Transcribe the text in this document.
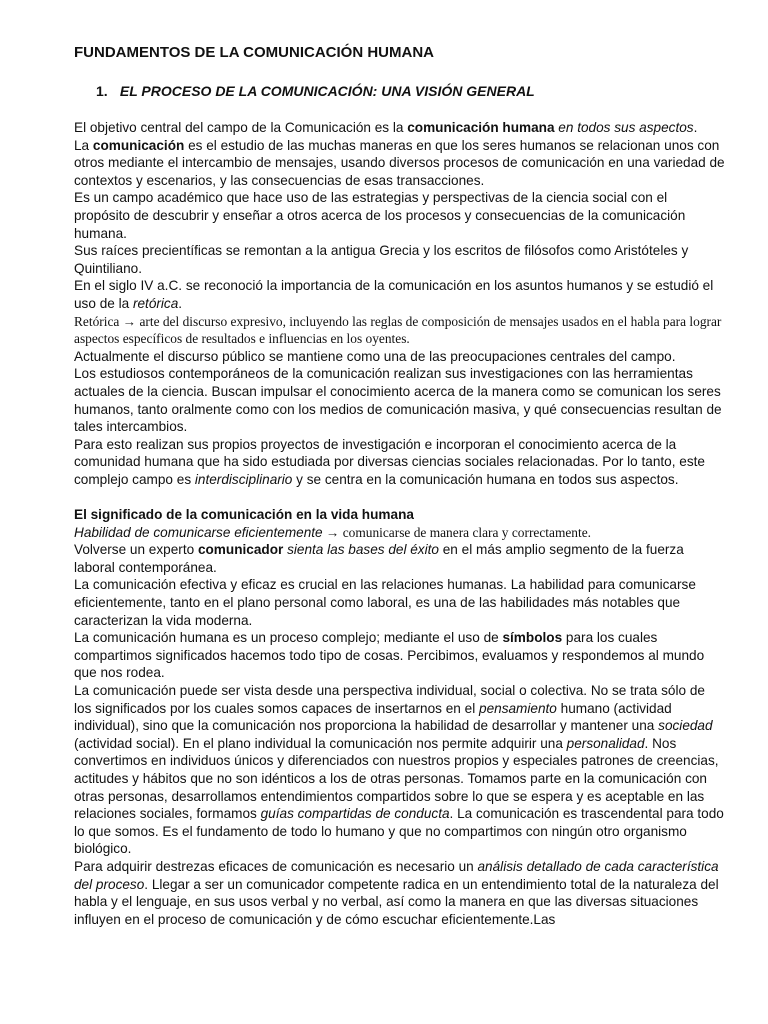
FUNDAMENTOS DE LA COMUNICACIÓN HUMANA
1. EL PROCESO DE LA COMUNICACIÓN: UNA VISIÓN GENERAL

El objetivo central del campo de la Comunicación es la comunicación humana en todos sus aspectos.

La comunicación es el estudio de las muchas maneras en que los seres humanos se relacionan unos con otros mediante el intercambio de mensajes, usando diversos procesos de comunicación en una variedad de contextos y escenarios, y las consecuencias de esas transacciones.

Es un campo académico que hace uso de las estrategias y perspectivas de la ciencia social con el propósito de descubrir y enseñar a otros acerca de los procesos y consecuencias de la comunicación humana.

Sus raíces precientíficas se remontan a la antigua Grecia y los escritos de filósofos como Aristóteles y Quintiliano.

En el siglo IV a.C. se reconoció la importancia de la comunicación en los asuntos humanos y se estudió el uso de la retórica.

Retórica → arte del discurso expresivo, incluyendo las reglas de composición de mensajes usados en el habla para lograr aspectos específicos de resultados e influencias en los oyentes.

Actualmente el discurso público se mantiene como una de las preocupaciones centrales del campo.

Los estudiosos contemporáneos de la comunicación realizan sus investigaciones con las herramientas actuales de la ciencia. Buscan impulsar el conocimiento acerca de la manera como se comunican los seres humanos, tanto oralmente como con los medios de comunicación masiva, y qué consecuencias resultan de tales intercambios.

Para esto realizan sus propios proyectos de investigación e incorporan el conocimiento acerca de la comunidad humana que ha sido estudiada por diversas ciencias sociales relacionadas. Por lo tanto, este complejo campo es interdisciplinario y se centra en la comunicación humana en todos sus aspectos.

El significado de la comunicación en la vida humana

Habilidad de comunicarse eficientemente → comunicarse de manera clara y correctamente.

Volverse un experto comunicador sienta las bases del éxito en el más amplio segmento de la fuerza laboral contemporánea.

La comunicación efectiva y eficaz es crucial en las relaciones humanas. La habilidad para comunicarse eficientemente, tanto en el plano personal como laboral, es una de las habilidades más notables que caracterizan la vida moderna.

La comunicación humana es un proceso complejo; mediante el uso de símbolos para los cuales compartimos significados hacemos todo tipo de cosas. Percibimos, evaluamos y respondemos al mundo que nos rodea.

La comunicación puede ser vista desde una perspectiva individual, social o colectiva. No se trata sólo de los significados por los cuales somos capaces de insertarnos en el pensamiento humano (actividad individual), sino que la comunicación nos proporciona la habilidad de desarrollar y mantener una sociedad (actividad social). En el plano individual la comunicación nos permite adquirir una personalidad. Nos convertimos en individuos únicos y diferenciados con nuestros propios y especiales patrones de creencias, actitudes y hábitos que no son idénticos a los de otras personas. Tomamos parte en la comunicación con otras personas, desarrollamos entendimientos compartidos sobre lo que se espera y es aceptable en las relaciones sociales, formamos guías compartidas de conducta. La comunicación es trascendental para todo lo que somos. Es el fundamento de todo lo humano y que no compartimos con ningún otro organismo biológico.

Para adquirir destrezas eficaces de comunicación es necesario un análisis detallado de cada característica del proceso. Llegar a ser un comunicador competente radica en un entendimiento total de la naturaleza del habla y el lenguaje, en sus usos verbal y no verbal, así como la manera en que las diversas situaciones influyen en el proceso de comunicación y de cómo escuchar eficientemente.Las
